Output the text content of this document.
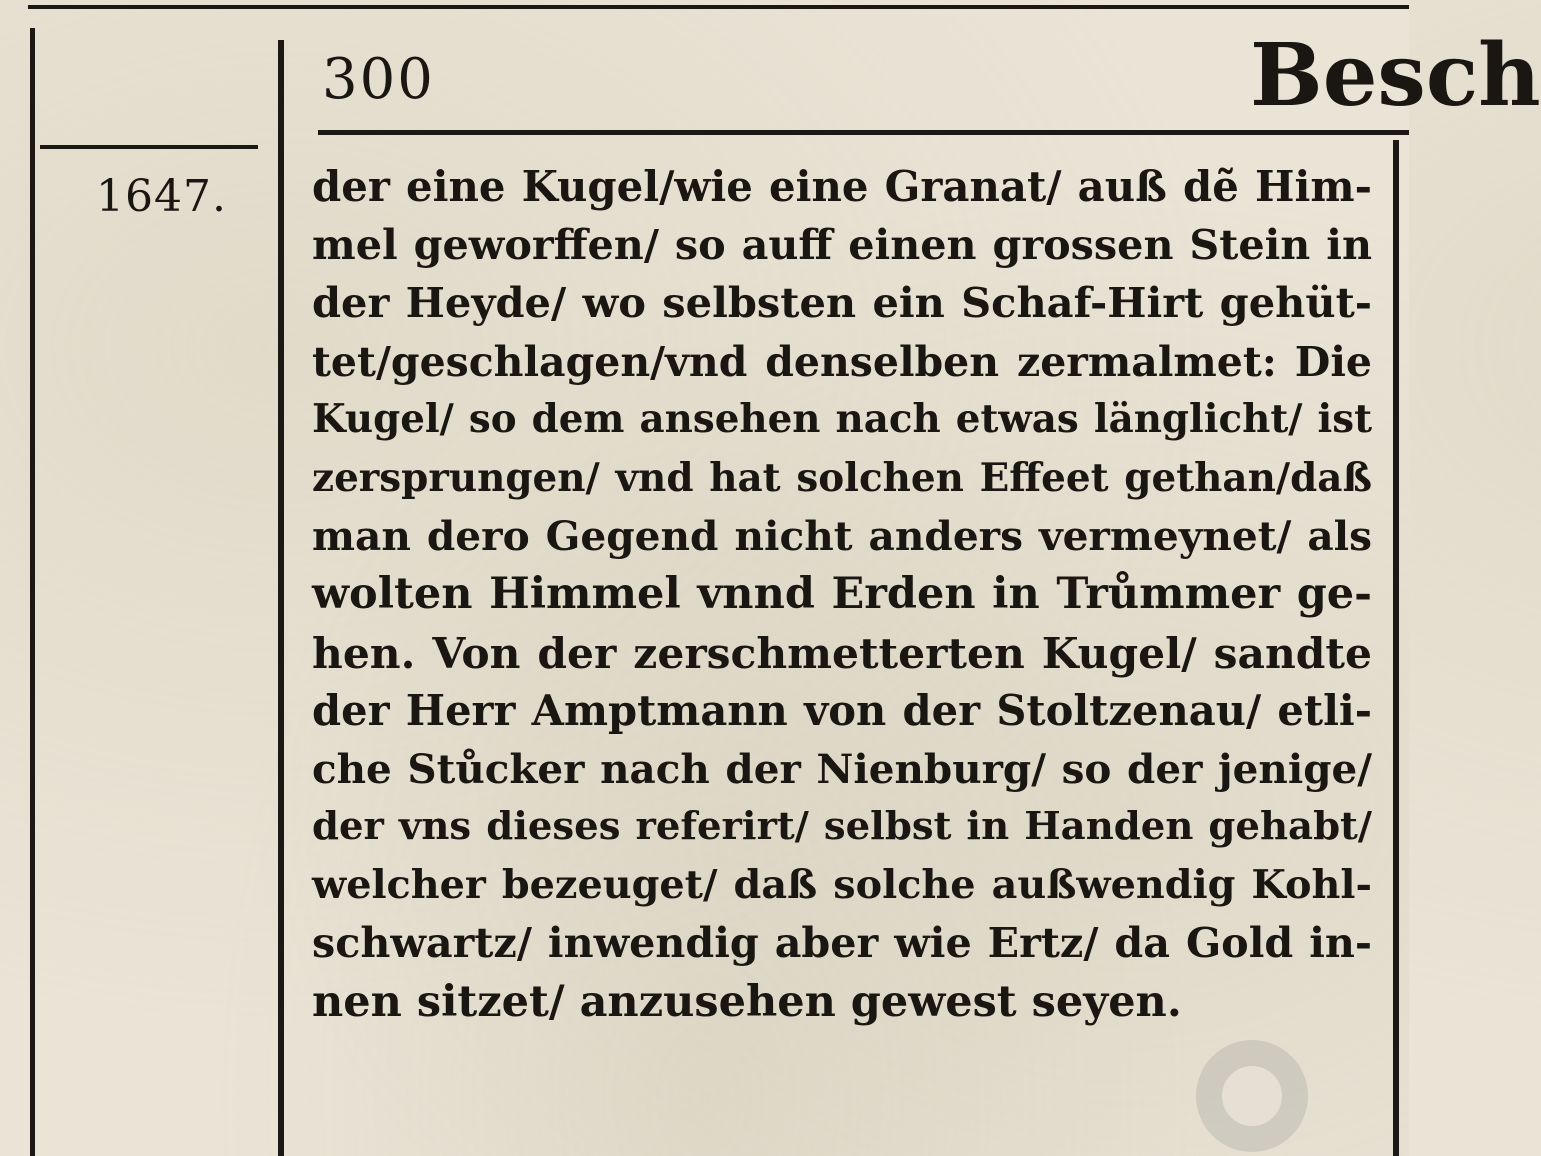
300	Besch
1647. der eine Kugel/wie eine Granat/ auß dẽ Him-
mel geworffen/ so auff einen grossen Stein in
der Heyde/ wo selbsten ein Schaf-Hirt gehüt-
tet/geschlagen/vnd denselben zermalmet: Die
Kugel/ so dem ansehen nach etwas länglicht/ ist
zersprungen/ vnd hat solchen Effeet gethan/daß
man dero Gegend nicht anders vermeynet/ als
wolten Himmel vnnd Erden in Trůmmer ge-
hen. Von der zerschmetterten Kugel/ sandte
der Herr Amptmann von der Stoltzenau/ etli-
che Stůcker nach der Nienburg/ so der jenige/
der vns dieses referirt/ selbst in Handen gehabt/
welcher bezeuget/ daß solche außwendig Kohl-
schwartz/ inwendig aber wie Ertz/ da Gold in-
nen sitzet/ anzusehen gewest seyen.
